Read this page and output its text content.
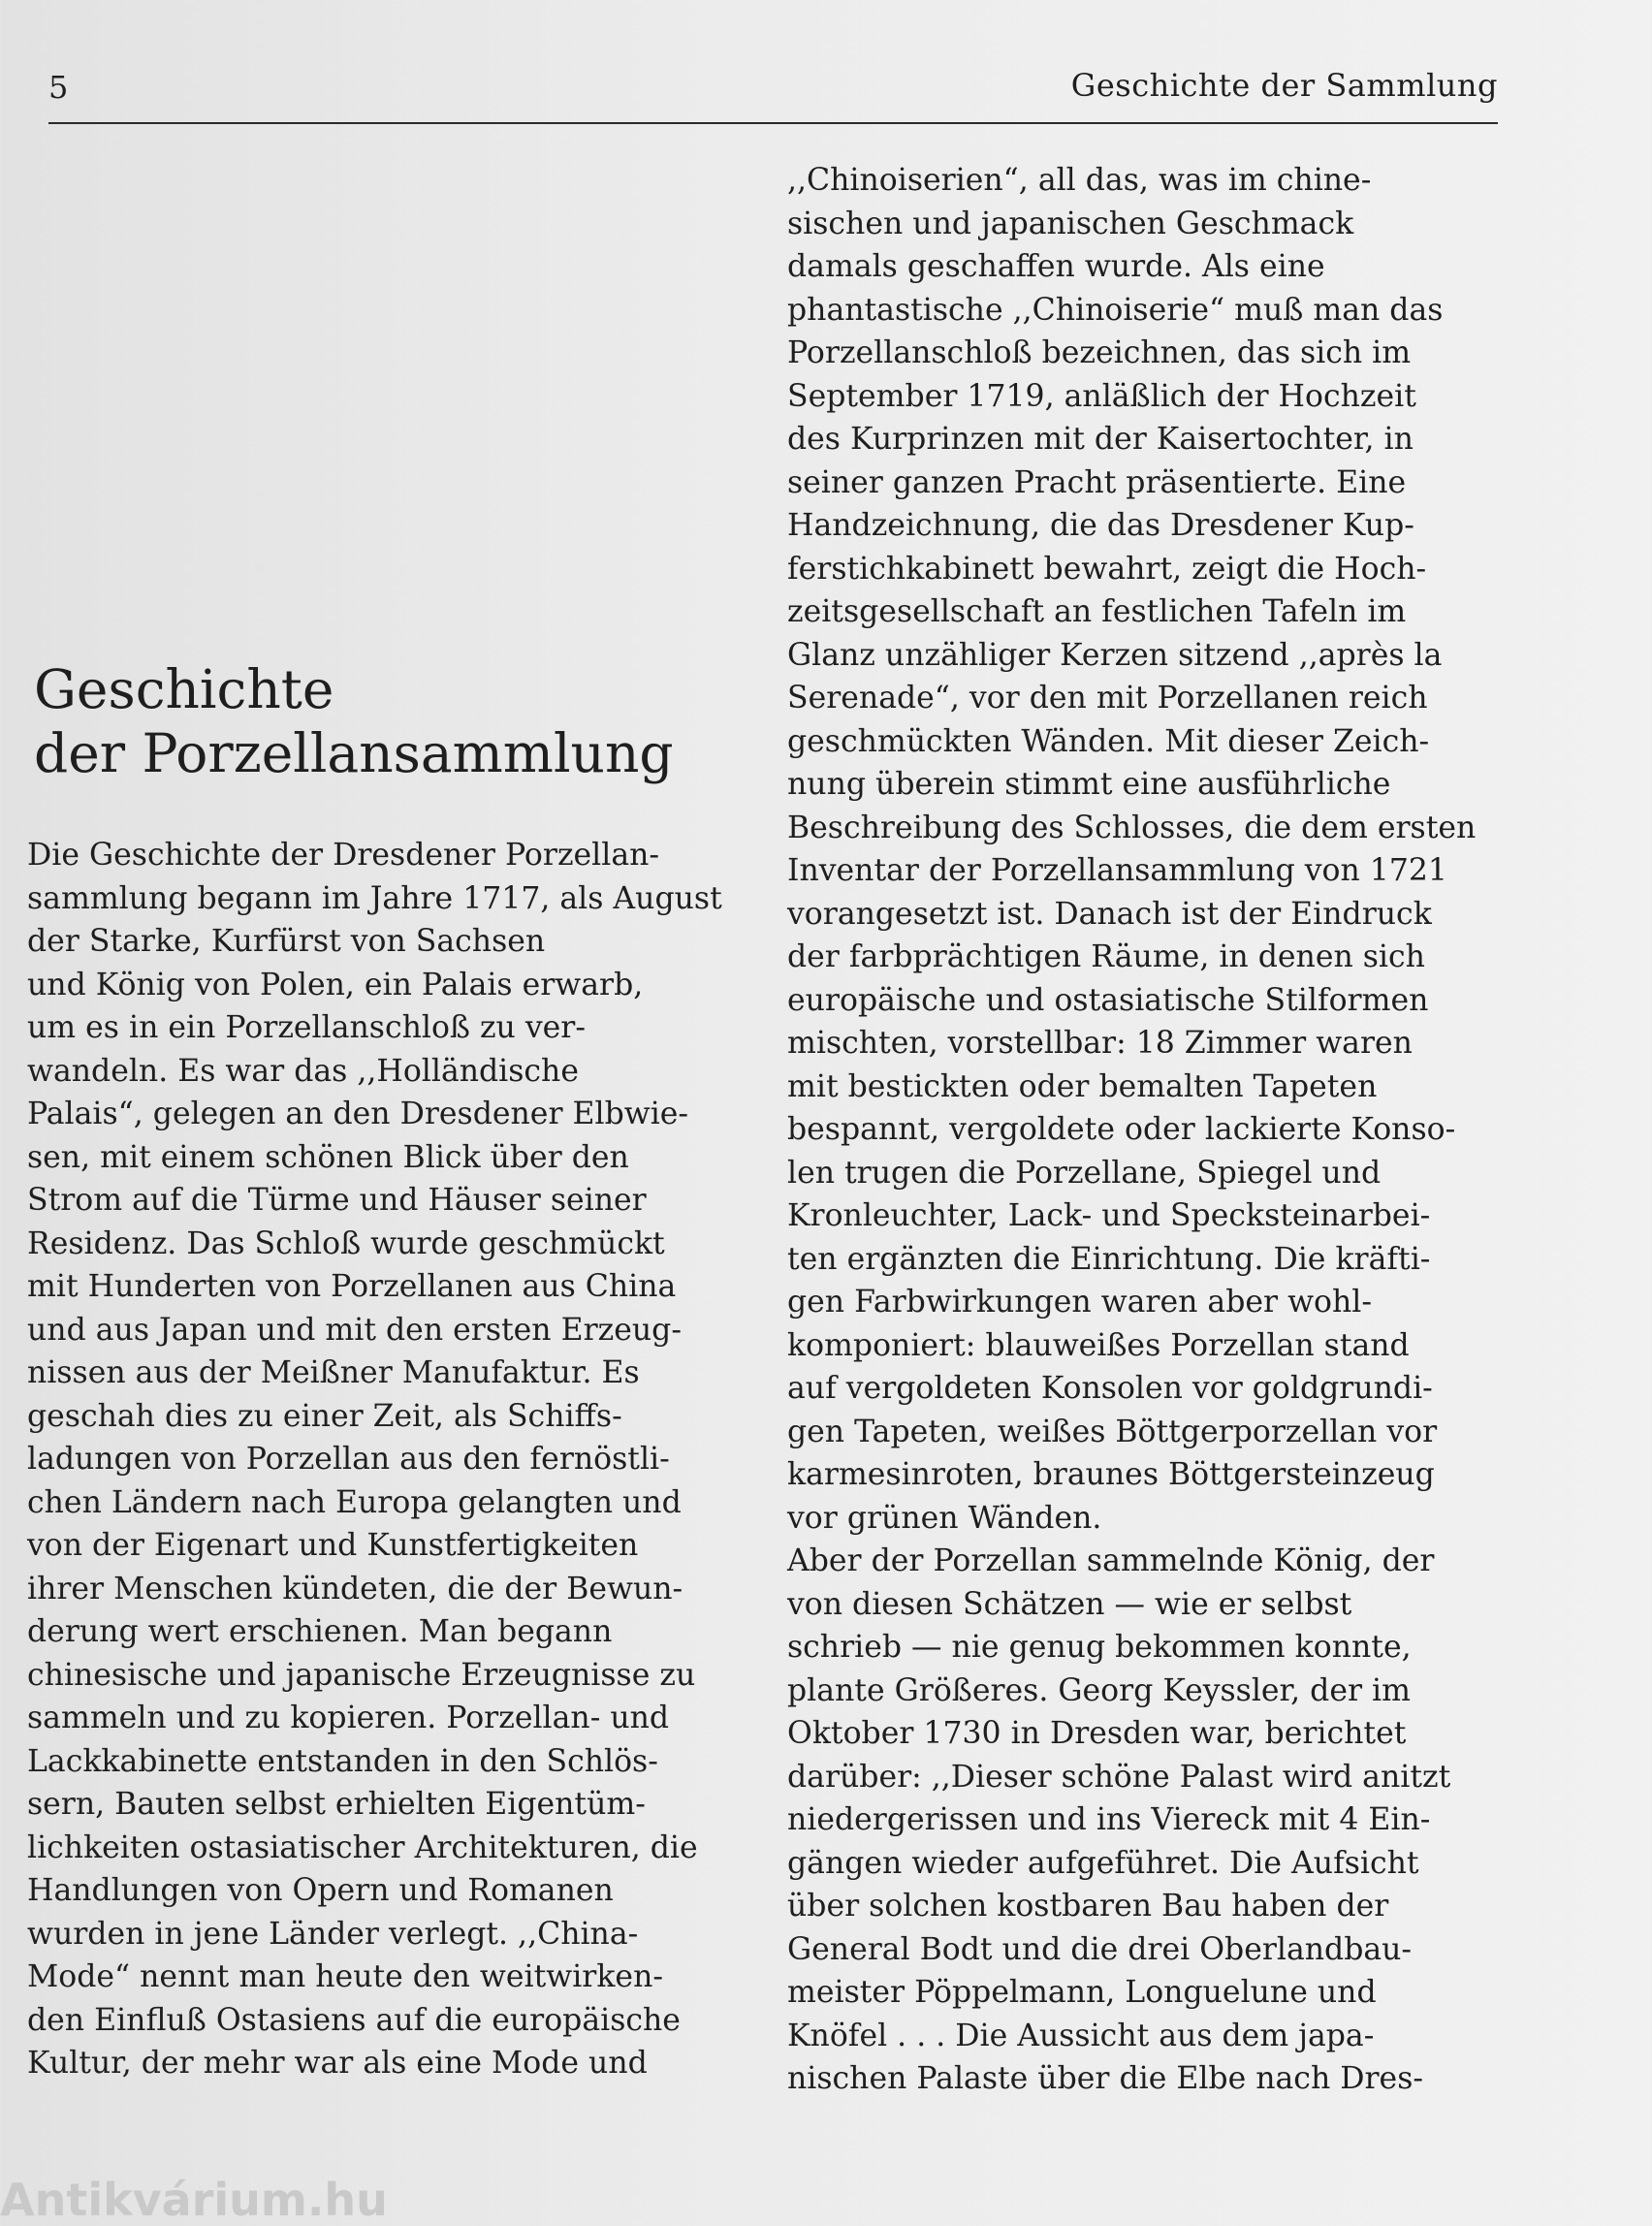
5	Geschichte der Sammlung
Geschichte
der Porzellansammlung
Die Geschichte der Dresdener Porzellan-
sammlung begann im Jahre 1717, als August
der Starke, Kurfürst von Sachsen
und König von Polen, ein Palais erwarb,
um es in ein Porzellanschloß zu ver-
wandeln. Es war das ,,Holländische
Palais“, gelegen an den Dresdener Elbwie-
sen, mit einem schönen Blick über den
Strom auf die Türme und Häuser seiner
Residenz. Das Schloß wurde geschmückt
mit Hunderten von Porzellanen aus China
und aus Japan und mit den ersten Erzeug-
nissen aus der Meißner Manufaktur. Es
geschah dies zu einer Zeit, als Schiffs-
ladungen von Porzellan aus den fernöstli-
chen Ländern nach Europa gelangten und
von der Eigenart und Kunstfertigkeiten
ihrer Menschen kündeten, die der Bewun-
derung wert erschienen. Man begann
chinesische und japanische Erzeugnisse zu
sammeln und zu kopieren. Porzellan- und
Lackkabinette entstanden in den Schlös-
sern, Bauten selbst erhielten Eigentüm-
lichkeiten ostasiatischer Architekturen, die
Handlungen von Opern und Romanen
wurden in jene Länder verlegt. ,,China-
Mode“ nennt man heute den weitwirken-
den Einfluß Ostasiens auf die europäische
Kultur, der mehr war als eine Mode und
,,Chinoiserien“, all das, was im chine-
sischen und japanischen Geschmack
damals geschaffen wurde. Als eine
phantastische ,,Chinoiserie“ muß man das
Porzellanschloß bezeichnen, das sich im
September 1719, anläßlich der Hochzeit
des Kurprinzen mit der Kaisertochter, in
seiner ganzen Pracht präsentierte. Eine
Handzeichnung, die das Dresdener Kup-
ferstichkabinett bewahrt, zeigt die Hoch-
zeitsgesellschaft an festlichen Tafeln im
Glanz unzähliger Kerzen sitzend ,,après la
Serenade“, vor den mit Porzellanen reich
geschmückten Wänden. Mit dieser Zeich-
nung überein stimmt eine ausführliche
Beschreibung des Schlosses, die dem ersten
Inventar der Porzellansammlung von 1721
vorangesetzt ist. Danach ist der Eindruck
der farbprächtigen Räume, in denen sich
europäische und ostasiatische Stilformen
mischten, vorstellbar: 18 Zimmer waren
mit bestickten oder bemalten Tapeten
bespannt, vergoldete oder lackierte Konso-
len trugen die Porzellane, Spiegel und
Kronleuchter, Lack- und Specksteinarbei-
ten ergänzten die Einrichtung. Die kräfti-
gen Farbwirkungen waren aber wohl-
komponiert: blauweißes Porzellan stand
auf vergoldeten Konsolen vor goldgrundi-
gen Tapeten, weißes Böttgerporzellan vor
karmesinroten, braunes Böttgersteinzeug
vor grünen Wänden.
Aber der Porzellan sammelnde König, der
von diesen Schätzen — wie er selbst
schrieb — nie genug bekommen konnte,
plante Größeres. Georg Keyssler, der im
Oktober 1730 in Dresden war, berichtet
darüber: ,,Dieser schöne Palast wird anitzt
niedergerissen und ins Viereck mit 4 Ein-
gängen wieder aufgeführet. Die Aufsicht
über solchen kostbaren Bau haben der
General Bodt und die drei Oberlandbau-
meister Pöppelmann, Longuelune und
Knöfel . . . Die Aussicht aus dem japa-
nischen Palaste über die Elbe nach Dres-
Antikvárium.hu
